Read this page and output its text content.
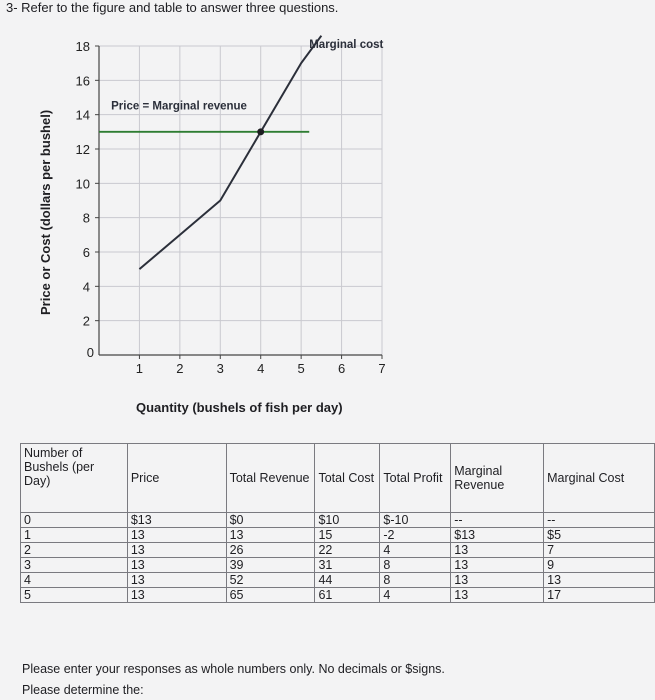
3- Refer to the figure and table to answer three questions.
18
16
14
12
10
8
6
4
2
0
1	2	3	4	5	6	7
Marginal cost
Price = Marginal revenue
Price or Cost (dollars per bushel)
Quantity (bushels of fish per day)
Number of Bushels (per Day)	Price	Total Revenue	Total Cost	Total Profit	Marginal Revenue	Marginal Cost
0	$13	$0	$10	$-10	--	--
1	13	13	15	-2	$13	$5
2	13	26	22	4	13	7
3	13	39	31	8	13	9
4	13	52	44	8	13	13
5	13	65	61	4	13	17
Please enter your responses as whole numbers only. No decimals or $signs.
Please determine the:
